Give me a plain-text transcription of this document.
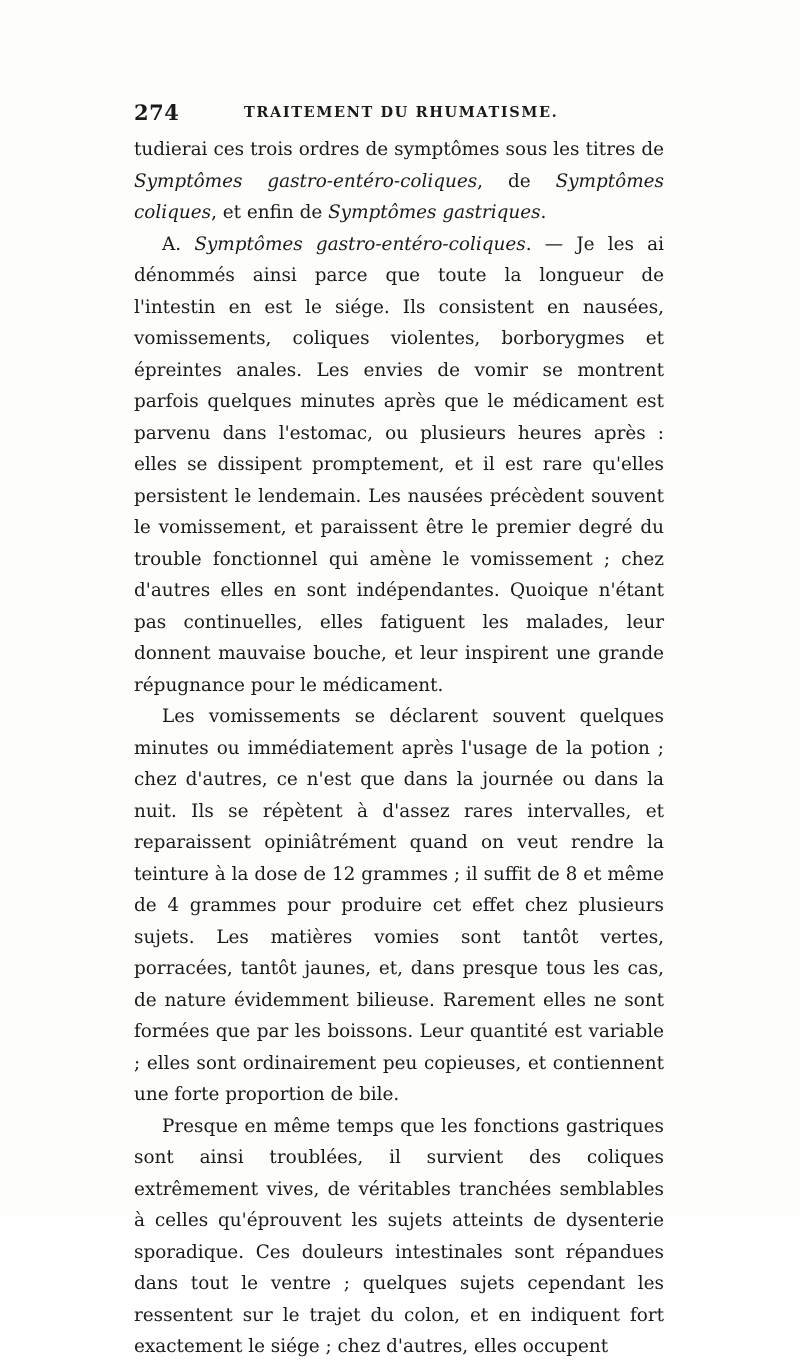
274	TRAITEMENT DU RHUMATISME.

tudierai ces trois ordres de symptômes sous les titres de Symptômes gastro-entéro-coliques, de Symptômes coliques, et enfin de Symptômes gastriques.

A. Symptômes gastro-entéro-coliques. — Je les ai dénommés ainsi parce que toute la longueur de l'intestin en est le siége. Ils consistent en nausées, vomissements, coliques violentes, borborygmes et épreintes anales. Les envies de vomir se montrent parfois quelques minutes après que le médicament est parvenu dans l'estomac, ou plusieurs heures après : elles se dissipent promptement, et il est rare qu'elles persistent le lendemain. Les nausées précèdent souvent le vomissement, et paraissent être le premier degré du trouble fonctionnel qui amène le vomissement ; chez d'autres elles en sont indépendantes. Quoique n'étant pas continuelles, elles fatiguent les malades, leur donnent mauvaise bouche, et leur inspirent une grande répugnance pour le médicament.

Les vomissements se déclarent souvent quelques minutes ou immédiatement après l'usage de la potion ; chez d'autres, ce n'est que dans la journée ou dans la nuit. Ils se répètent à d'assez rares intervalles, et reparaissent opiniâtrément quand on veut rendre la teinture à la dose de 12 grammes ; il suffit de 8 et même de 4 grammes pour produire cet effet chez plusieurs sujets. Les matières vomies sont tantôt vertes, porracées, tantôt jaunes, et, dans presque tous les cas, de nature évidemment bilieuse. Rarement elles ne sont formées que par les boissons. Leur quantité est variable ; elles sont ordinairement peu copieuses, et contiennent une forte proportion de bile.

Presque en même temps que les fonctions gastriques sont ainsi troublées, il survient des coliques extrêmement vives, de véritables tranchées semblables à celles qu'éprouvent les sujets atteints de dysenterie sporadique. Ces douleurs intestinales sont répandues dans tout le ventre ; quelques sujets cependant les ressentent sur le trajet du colon, et en indiquent fort exactement le siége ; chez d'autres, elles occupent
